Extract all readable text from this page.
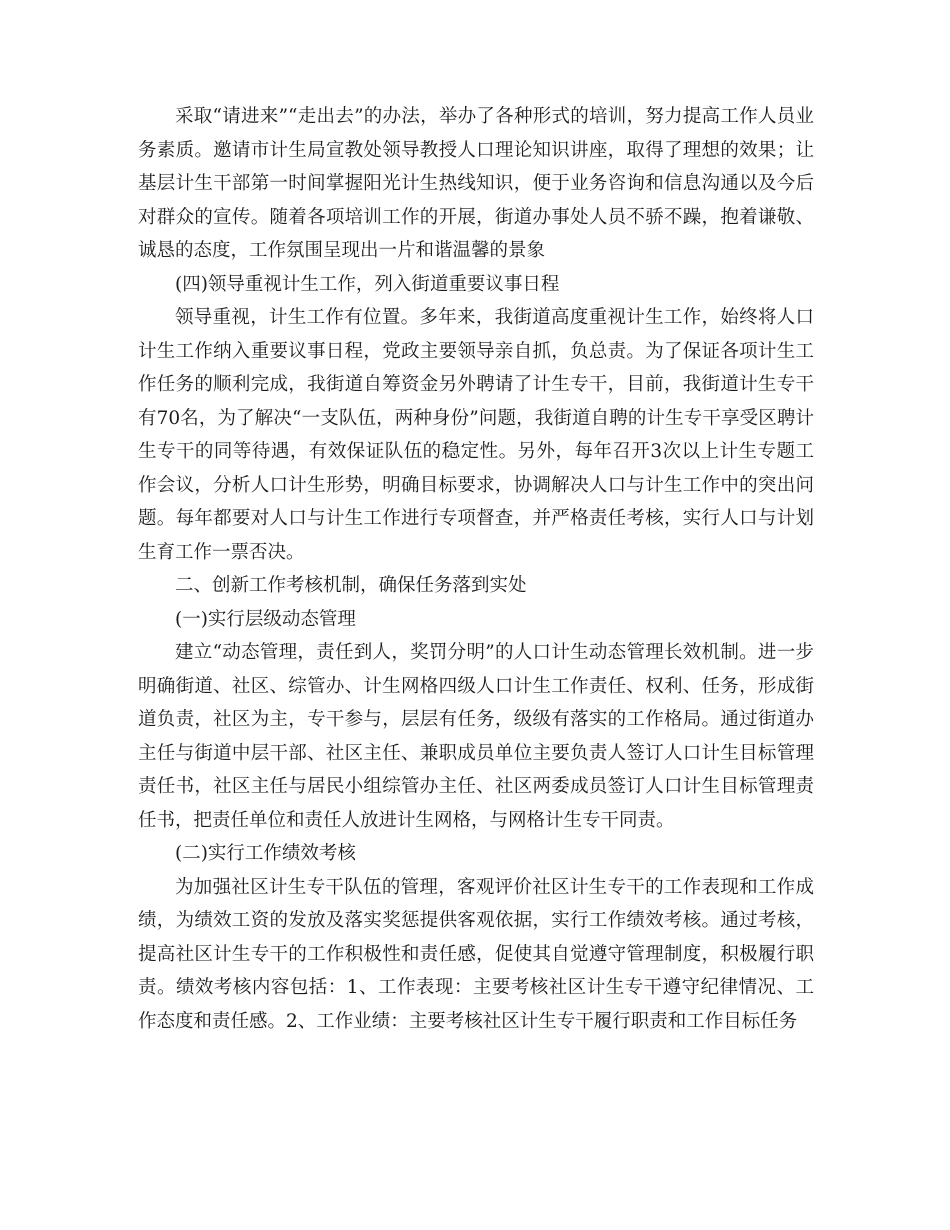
采取“请进来”“走出去”的办法，举办了各种形式的培训，努力提高工作人员业务素质。邀请市计生局宣教处领导教授人口理论知识讲座，取得了理想的效果；让基层计生干部第一时间掌握阳光计生热线知识，便于业务咨询和信息沟通以及今后对群众的宣传。随着各项培训工作的开展，街道办事处人员不骄不躁，抱着谦敬、诚恳的态度，工作氛围呈现出一片和谐温馨的景象

(四)领导重视计生工作，列入街道重要议事日程

领导重视，计生工作有位置。多年来，我街道高度重视计生工作，始终将人口计生工作纳入重要议事日程，党政主要领导亲自抓，负总责。为了保证各项计生工作任务的顺利完成，我街道自筹资金另外聘请了计生专干，目前，我街道计生专干有70名，为了解决“一支队伍，两种身份”问题，我街道自聘的计生专干享受区聘计生专干的同等待遇，有效保证队伍的稳定性。另外，每年召开3次以上计生专题工作会议，分析人口计生形势，明确目标要求，协调解决人口与计生工作中的突出问题。每年都要对人口与计生工作进行专项督查，并严格责任考核，实行人口与计划生育工作一票否决。

二、创新工作考核机制，确保任务落到实处

(一)实行层级动态管理

建立“动态管理，责任到人，奖罚分明”的人口计生动态管理长效机制。进一步明确街道、社区、综管办、计生网格四级人口计生工作责任、权利、任务，形成街道负责，社区为主，专干参与，层层有任务，级级有落实的工作格局。通过街道办主任与街道中层干部、社区主任、兼职成员单位主要负责人签订人口计生目标管理责任书，社区主任与居民小组综管办主任、社区两委成员签订人口计生目标管理责任书，把责任单位和责任人放进计生网格，与网格计生专干同责。

(二)实行工作绩效考核

为加强社区计生专干队伍的管理，客观评价社区计生专干的工作表现和工作成绩，为绩效工资的发放及落实奖惩提供客观依据，实行工作绩效考核。通过考核，提高社区计生专干的工作积极性和责任感，促使其自觉遵守管理制度，积极履行职责。绩效考核内容包括：1、工作表现：主要考核社区计生专干遵守纪律情况、工作态度和责任感。2、工作业绩：主要考核社区计生专干履行职责和工作目标任务
